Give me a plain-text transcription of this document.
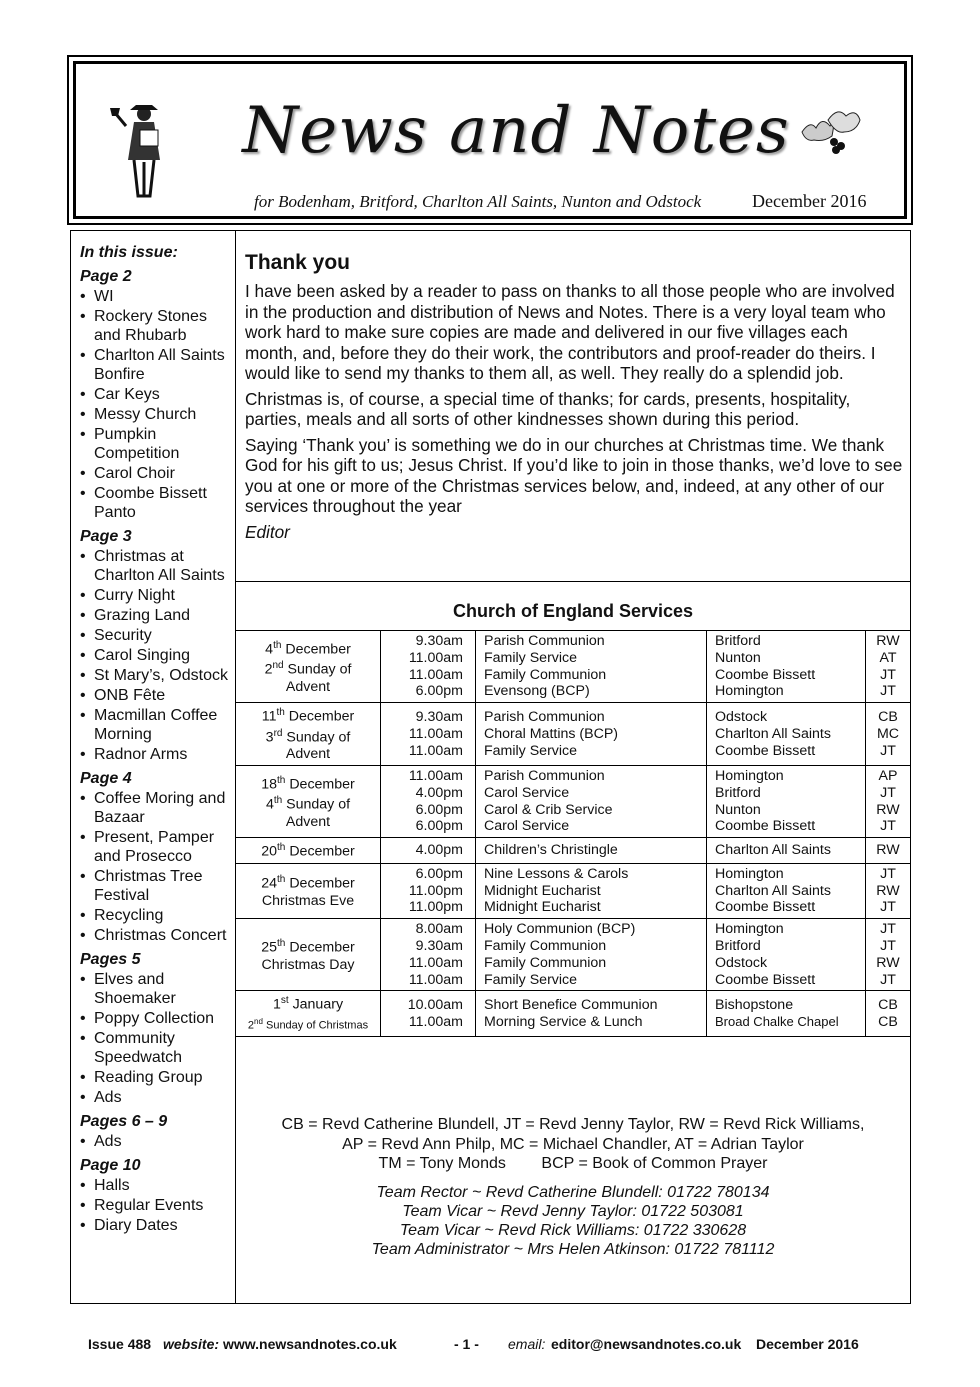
News and Notes
for Bodenham, Britford, Charlton All Saints, Nunton and Odstock	December 2016
In this issue:
Page 2
• WI
• Rockery Stones and Rhubarb
• Charlton All Saints Bonfire
• Car Keys
• Messy Church
• Pumpkin Competition
• Carol Choir
• Coombe Bissett Panto
Page 3
• Christmas at Charlton All Saints
• Curry Night
• Grazing Land
• Security
• Carol Singing
• St Mary’s, Odstock
• ONB Fête
• Macmillan Coffee Morning
• Radnor Arms
Page 4
• Coffee Moring and Bazaar
• Present, Pamper and Prosecco
• Christmas Tree Festival
• Recycling
• Christmas Concert
Pages 5
• Elves and Shoemaker
• Poppy Collection
• Community Speedwatch
• Reading Group
• Ads
Pages 6 – 9
• Ads
Page 10
• Halls
• Regular Events
• Diary Dates
Thank you

I have been asked by a reader to pass on thanks to all those people who are involved in the production and distribution of News and Notes. There is a very loyal team who work hard to make sure copies are made and delivered in our five villages each month, and, before they do their work, the contributors and proof-reader do theirs. I would like to send my thanks to them all, as well. They really do a splendid job.

Christmas is, of course, a special time of thanks; for cards, presents, hospitality, parties, meals and all sorts of other kindnesses shown during this period.

Saying ‘Thank you’ is something we do in our churches at Christmas time. We thank God for his gift to us; Jesus Christ. If you’d like to join in those thanks, we’d love to see you at one or more of the Christmas services below, and, indeed, at any other of our services throughout the year

Editor

Church of England Services
4th December
2nd Sunday of
Advent	9.30am
11.00am
11.00am
6.00pm	Parish Communion
Family Service
Family Communion
Evensong (BCP)	Britford
Nunton
Coombe Bissett
Homington	RW
AT
JT
JT

11th December
3rd Sunday of
Advent	9.30am
11.00am
11.00am	Parish Communion
Choral Mattins (BCP)
Family Service	Odstock
Charlton All Saints
Coombe Bissett	CB
MC
JT

18th December
4th Sunday of
Advent	11.00am
4.00pm
6.00pm
6.00pm	Parish Communion
Carol Service
Carol & Crib Service
Carol Service	Homington
Britford
Nunton
Coombe Bissett	AP
JT
RW
JT

20th December	4.00pm	Children’s Christingle	Charlton All Saints	RW

24th December
Christmas Eve	6.00pm
11.00pm
11.00pm	Nine Lessons & Carols
Midnight Eucharist
Midnight Eucharist	Homington
Charlton All Saints
Coombe Bissett	JT
RW
JT

25th December
Christmas Day	8.00am
9.30am
11.00am
11.00am	Holy Communion (BCP)
Family Communion
Family Communion
Family Service	Homington
Britford
Odstock
Coombe Bissett	JT
JT
RW
JT

1st January
2nd Sunday of Christmas	10.00am
11.00am	Short Benefice Communion
Morning Service & Lunch	Bishopstone
Broad Chalke Chapel	CB
CB
CB = Revd Catherine Blundell, JT = Revd Jenny Taylor, RW = Revd Rick Williams,
AP = Revd Ann Philp, MC = Michael Chandler, AT = Adrian Taylor
TM = Tony Monds        BCP = Book of Common Prayer
Team Rector ~ Revd Catherine Blundell: 01722 780134
Team Vicar ~ Revd Jenny Taylor: 01722 503081
Team Vicar ~ Revd Rick Williams: 01722 330628
Team Administrator ~ Mrs Helen Atkinson: 01722 781112
Issue 488 website: www.newsandnotes.co.uk	- 1 - email: editor@newsandnotes.co.uk December 2016
